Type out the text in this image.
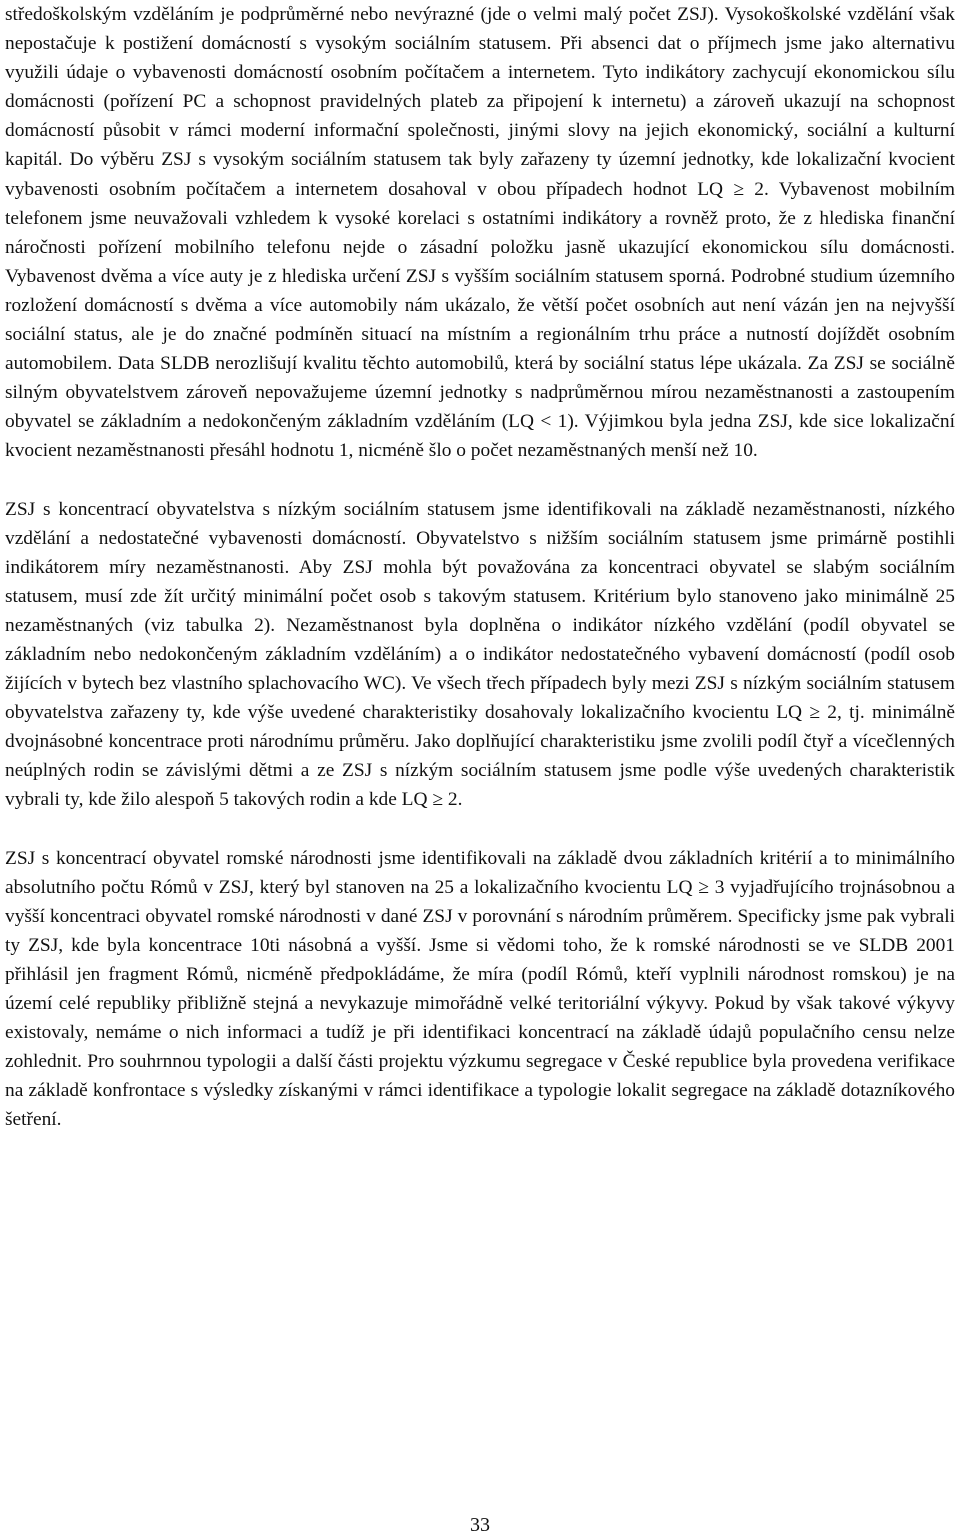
středoškolským vzděláním je podprůměrné nebo nevýrazné (jde o velmi malý počet ZSJ). Vysokoškolské vzdělání však nepostačuje k postižení domácností s vysokým sociálním statusem. Při absenci dat o příjmech jsme jako alternativu využili údaje o vybavenosti domácností osobním počítačem a internetem. Tyto indikátory zachycují ekonomickou sílu domácnosti (pořízení PC a schopnost pravidelných plateb za připojení k internetu) a zároveň ukazují na schopnost domácností působit v rámci moderní informační společnosti, jinými slovy na jejich ekonomický, sociální a kulturní kapitál. Do výběru ZSJ s vysokým sociálním statusem tak byly zařazeny ty územní jednotky, kde lokalizační kvocient vybavenosti osobním počítačem a internetem dosahoval v obou případech hodnot LQ ≥ 2. Vybavenost mobilním telefonem jsme neuvažovali vzhledem k vysoké korelaci s ostatními indikátory a rovněž proto, že z hlediska finanční náročnosti pořízení mobilního telefonu nejde o zásadní položku jasně ukazující ekonomickou sílu domácnosti. Vybavenost dvěma a více auty je z hlediska určení ZSJ s vyšším sociálním statusem sporná. Podrobné studium územního rozložení domácností s dvěma a více automobily nám ukázalo, že větší počet osobních aut není vázán jen na nejvyšší sociální status, ale je do značné podmíněn situací na místním a regionálním trhu práce a nutností dojíždět osobním automobilem. Data SLDB nerozlišují kvalitu těchto automobilů, která by sociální status lépe ukázala. Za ZSJ se sociálně silným obyvatelstvem zároveň nepovažujeme územní jednotky s nadprůměrnou mírou nezaměstnanosti a zastoupením obyvatel se základním a nedokončeným základním vzděláním (LQ < 1). Výjimkou byla jedna ZSJ, kde sice lokalizační kvocient nezaměstnanosti přesáhl hodnotu 1, nicméně šlo o počet nezaměstnaných menší než 10.

ZSJ s koncentrací obyvatelstva s nízkým sociálním statusem jsme identifikovali na základě nezaměstnanosti, nízkého vzdělání a nedostatečné vybavenosti domácností. Obyvatelstvo s nižším sociálním statusem jsme primárně postihli indikátorem míry nezaměstnanosti. Aby ZSJ mohla být považována za koncentraci obyvatel se slabým sociálním statusem, musí zde žít určitý minimální počet osob s takovým statusem. Kritérium bylo stanoveno jako minimálně 25 nezaměstnaných (viz tabulka 2). Nezaměstnanost byla doplněna o indikátor nízkého vzdělání (podíl obyvatel se základním nebo nedokončeným základním vzděláním) a o indikátor nedostatečného vybavení domácností (podíl osob žijících v bytech bez vlastního splachovacího WC). Ve všech třech případech byly mezi ZSJ s nízkým sociálním statusem obyvatelstva zařazeny ty, kde výše uvedené charakteristiky dosahovaly lokalizačního kvocientu LQ ≥ 2, tj. minimálně dvojnásobné koncentrace proti národnímu průměru. Jako doplňující charakteristiku jsme zvolili podíl čtyř a vícečlenných neúplných rodin se závislými dětmi a ze ZSJ s nízkým sociálním statusem jsme podle výše uvedených charakteristik vybrali ty, kde žilo alespoň 5 takových rodin a kde LQ ≥ 2.

ZSJ s koncentrací obyvatel romské národnosti jsme identifikovali na základě dvou základních kritérií a to minimálního absolutního počtu Rómů v ZSJ, který byl stanoven na 25 a lokalizačního kvocientu LQ ≥ 3 vyjadřujícího trojnásobnou a vyšší koncentraci obyvatel romské národnosti v dané ZSJ v porovnání s národním průměrem. Specificky jsme pak vybrali ty ZSJ, kde byla koncentrace 10ti násobná a vyšší. Jsme si vědomi toho, že k romské národnosti se ve SLDB 2001 přihlásil jen fragment Rómů, nicméně předpokládáme, že míra (podíl Rómů, kteří vyplnili národnost romskou) je na území celé republiky přibližně stejná a nevykazuje mimořádně velké teritoriální výkyvy. Pokud by však takové výkyvy existovaly, nemáme o nich informaci a tudíž je při identifikaci koncentrací na základě údajů populačního censu nelze zohlednit. Pro souhrnnou typologii a další části projektu výzkumu segregace v České republice byla provedena verifikace na základě konfrontace s výsledky získanými v rámci identifikace a typologie lokalit segregace na základě dotazníkového šetření.

33
